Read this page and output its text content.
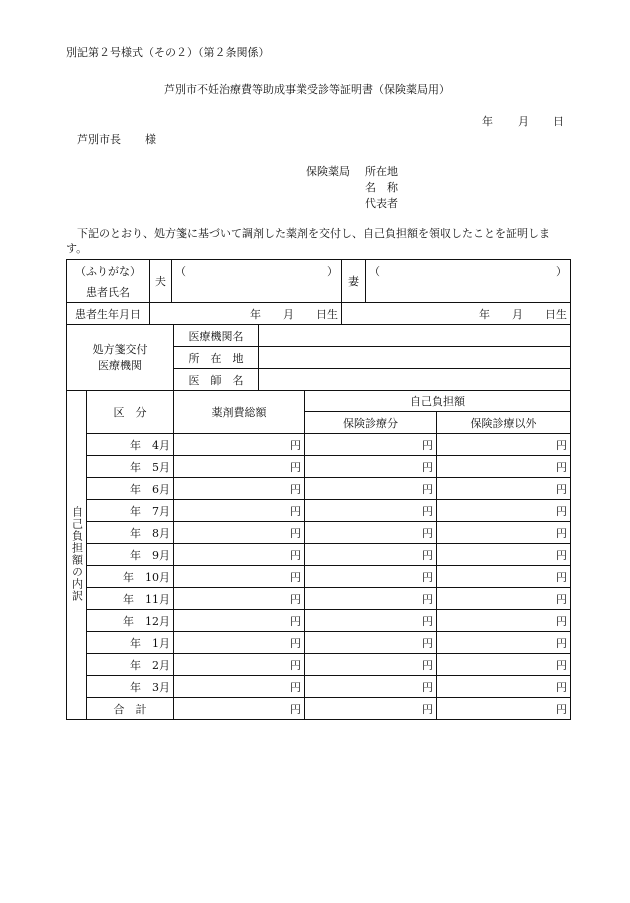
別記第２号様式（その２）（第２条関係）
芦別市不妊治療費等助成事業受診等証明書（保険薬局用）
年 月 日
芦別市長 様
保険薬局 所在地
名　称
代表者
　下記のとおり、処方箋に基づいて調剤した薬剤を交付し、自己負担額を領収したことを証明します。
（ふりがな）	夫	（ ）	妻	（ ）

患者氏名				
患者生年月日	年　　月　　日生		年　　月　　日生	
処方箋交付
医療機関	医療機関名	
	所　在　地	
	医　師　名	
自己負担額の内訳	区　分	薬剤費総額	自己負担額	
			保険診療分	保険診療以外
	年　4月	円	円	円
	年　5月	円	円	円
	年　6月	円	円	円
	年　7月	円	円	円
	年　8月	円	円	円
	年　9月	円	円	円
	年　10月	円	円	円
	年　11月	円	円	円
	年　12月	円	円	円
	年　1月	円	円	円
	年　2月	円	円	円
	年　3月	円	円	円
	合　計	円	円	円
